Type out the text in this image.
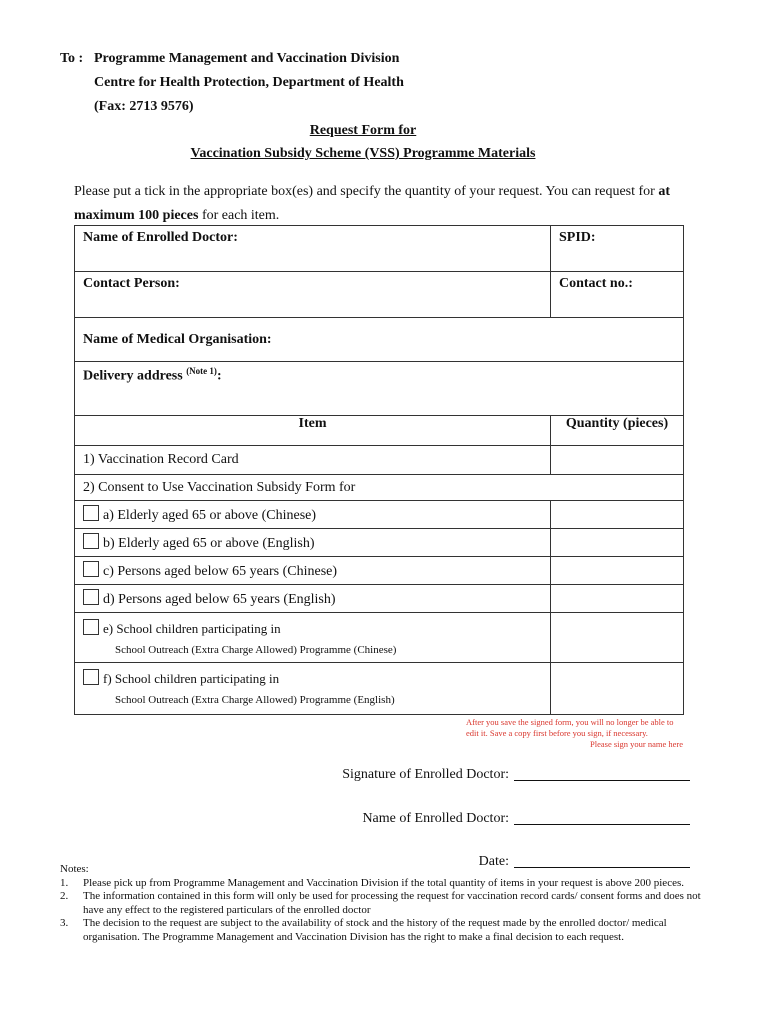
To : Programme Management and Vaccination Division
Centre for Health Protection, Department of Health
(Fax: 2713 9576)
Request Form for
Vaccination Subsidy Scheme (VSS) Programme Materials
Please put a tick in the appropriate box(es) and specify the quantity of your request. You can request for at maximum 100 pieces for each item.
Name of Enrolled Doctor:	SPID:
Contact Person:	Contact no.:
Name of Medical Organisation:	
Delivery address $^{(Note 1)}$:	
Item	Quantity (pieces)
1) Vaccination Record Card	
2) Consent to Use Vaccination Subsidy Form for	
a) Elderly aged 65 or above (Chinese)	
b) Elderly aged 65 or above (English)	
c) Persons aged below 65 years (Chinese)	
d) Persons aged below 65 years (English)	

e) School children participating in
School Outreach (Extra Charge Allowed) Programme (Chinese)	

f) School children participating in
School Outreach (Extra Charge Allowed) Programme (English)	

After you save the signed form, you will no longer be able to
edit it. Save a copy first before you sign, if necessary.
Please sign your name here
Signature of Enrolled Doctor:
Name of Enrolled Doctor:
Date:
Notes:
1.	Please pick up from Programme Management and Vaccination Division if the total quantity of items in your request is above 200 pieces.
2.	The information contained in this form will only be used for processing the request for vaccination record cards/ consent forms and does not have any effect to the registered particulars of the enrolled doctor
3.	The decision to the request are subject to the availability of stock and the history of the request made by the enrolled doctor/ medical organisation. The Programme Management and Vaccination Division has the right to make a final decision to each request.
